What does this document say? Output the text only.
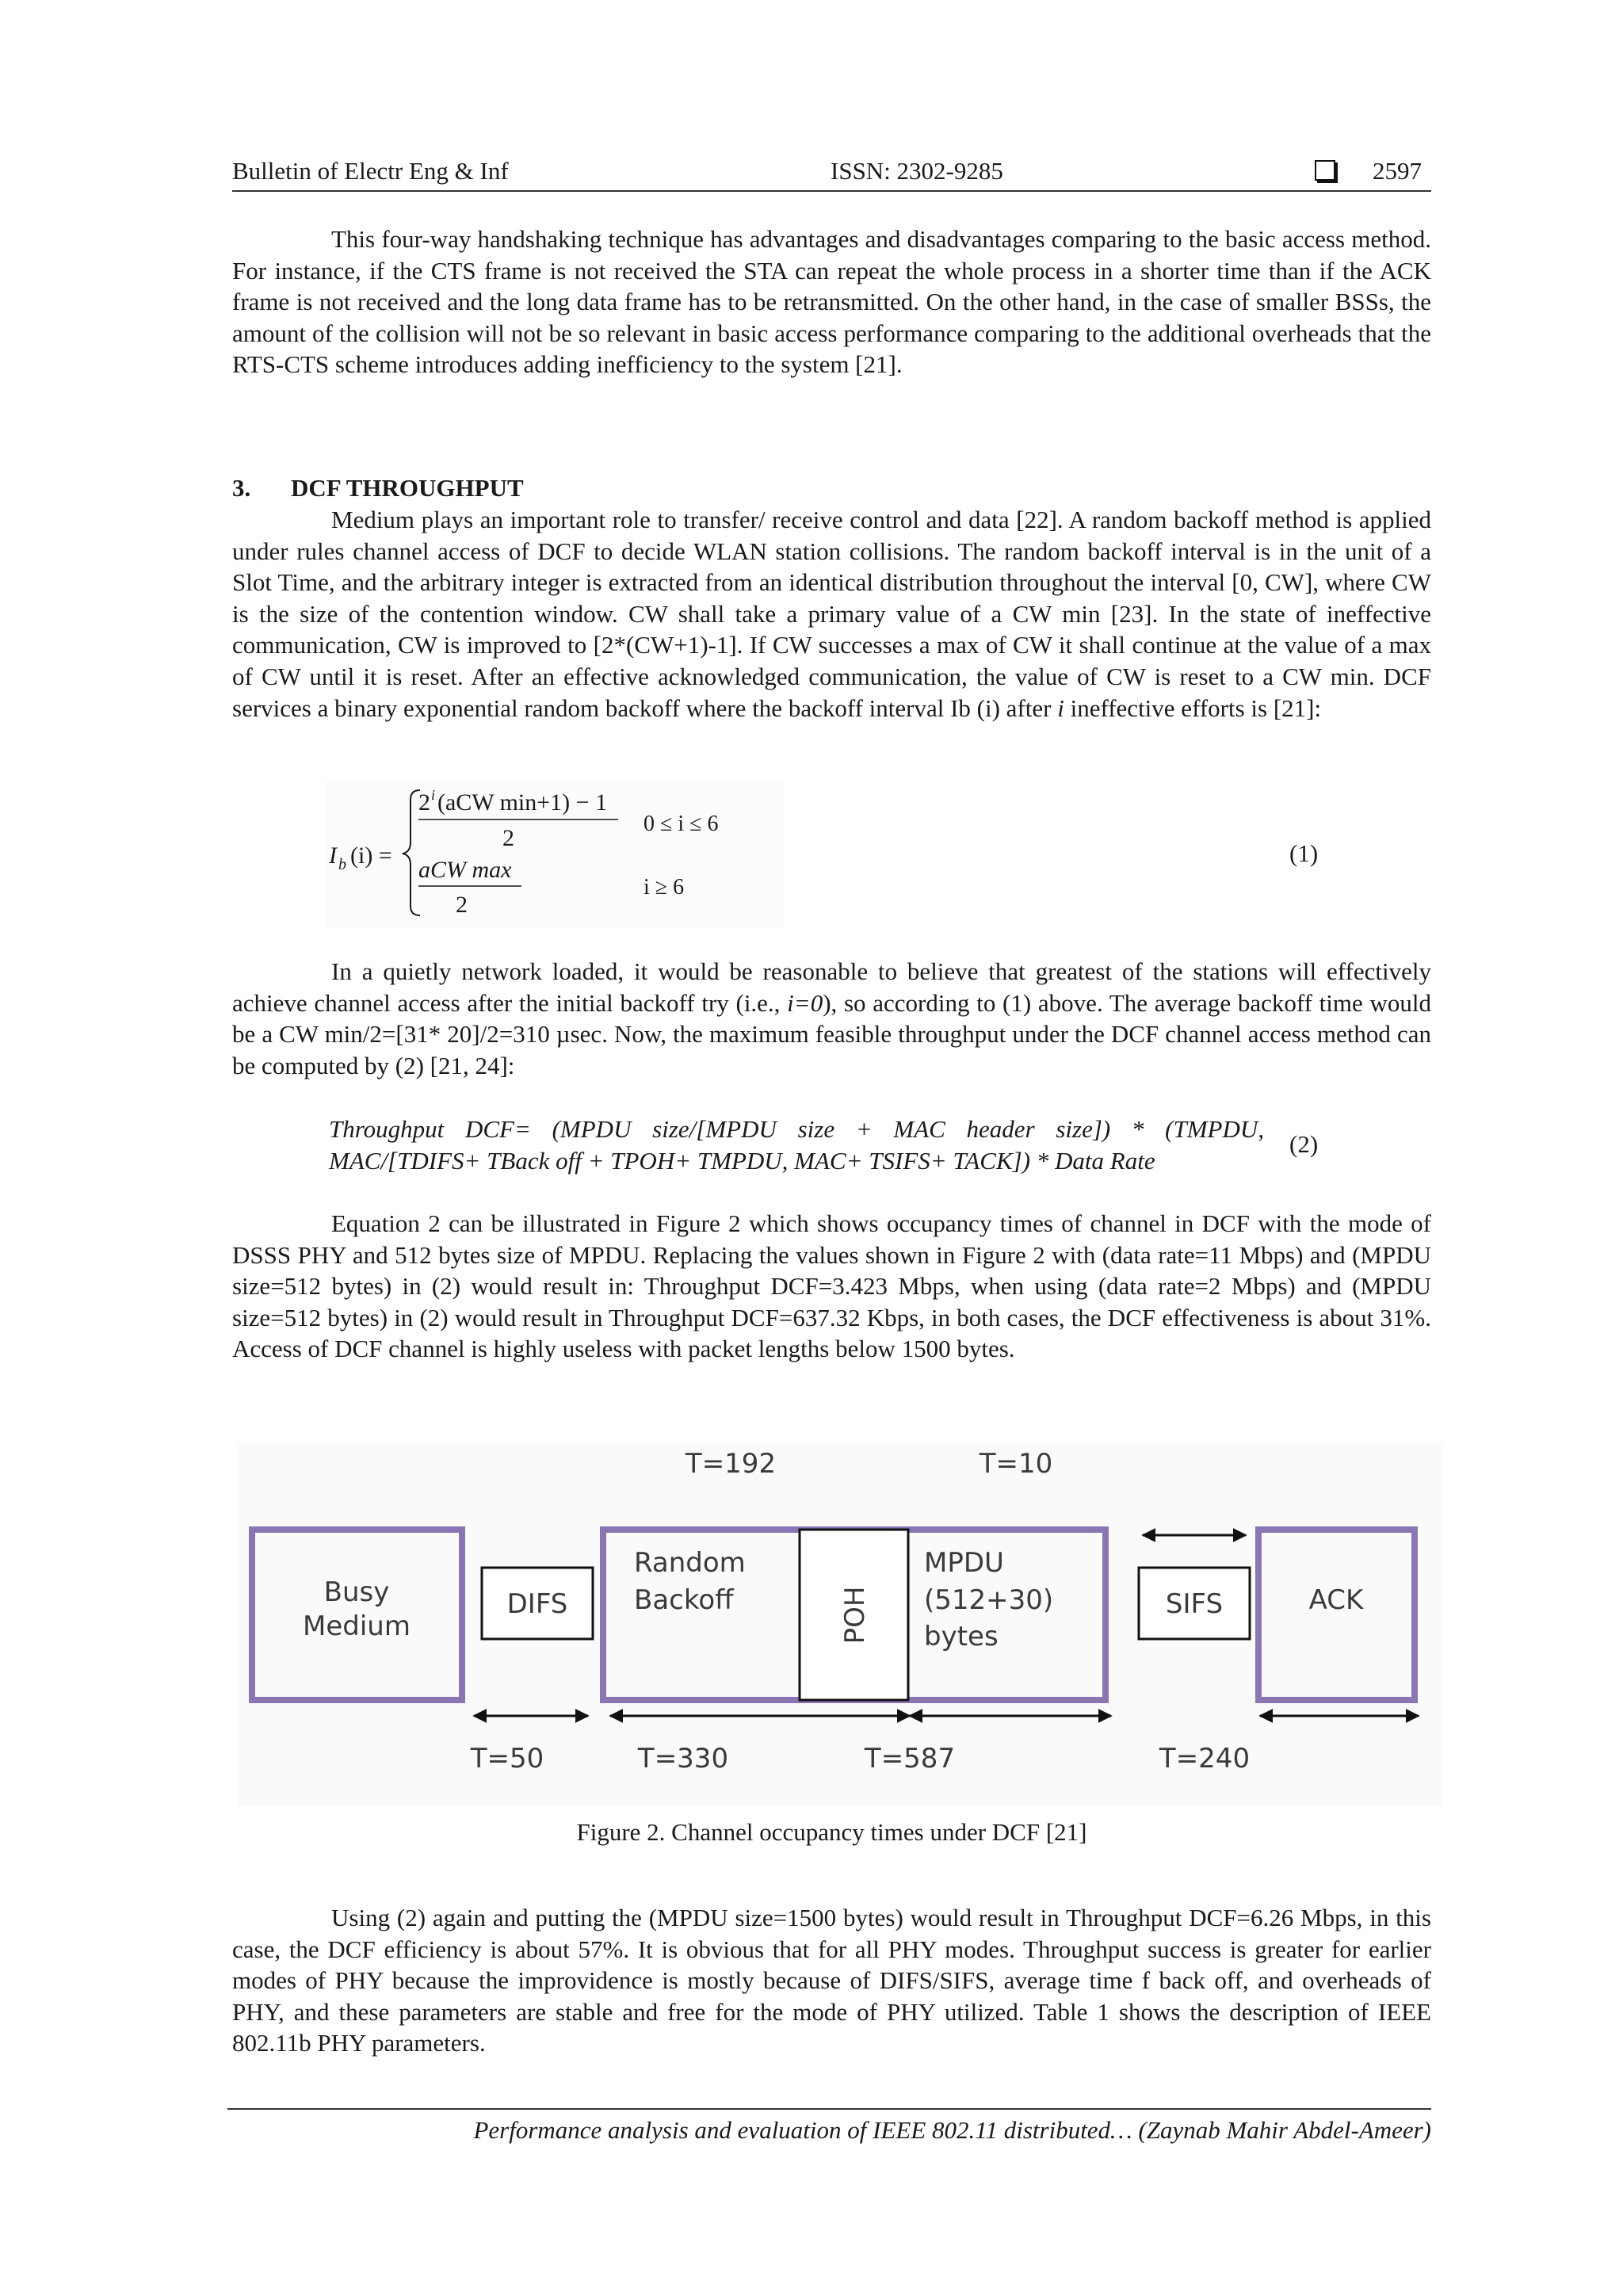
Bulletin of Electr Eng & Inf	ISSN: 2302-9285	2597

This four-way handshaking technique has advantages and disadvantages comparing to the basic access method. For instance, if the CTS frame is not received the STA can repeat the whole process in a shorter time than if the ACK frame is not received and the long data frame has to be retransmitted. On the other hand, in the case of smaller BSSs, the amount of the collision will not be so relevant in basic access performance comparing to the additional overheads that the RTS-CTS scheme introduces adding inefficiency to the system [21].

3. DCF THROUGHPUT

Medium plays an important role to transfer/ receive control and data [22]. A random backoff method is applied under rules channel access of DCF to decide WLAN station collisions. The random backoff interval is in the unit of a Slot Time, and the arbitrary integer is extracted from an identical distribution throughout the interval [0, CW], where CW is the size of the contention window. CW shall take a primary value of a CW min [23]. In the state of ineffective communication, CW is improved to [2*(CW+1)-1]. If CW successes a max of CW it shall continue at the value of a max of CW until it is reset. After an effective acknowledged communication, the value of CW is reset to a CW min. DCF services a binary exponential random backoff where the backoff interval Ib (i) after i ineffective efforts is [21]:

I b (i) =
2 i (aCW min+1) − 1
2
0 ≤ i ≤ 6
aCW max
2
i ≥ 6
(1)

In a quietly network loaded, it would be reasonable to believe that greatest of the stations will effectively achieve channel access after the initial backoff try (i.e., i=0), so according to (1) above. The average backoff time would be a CW min/2=[31* 20]/2=310 µsec. Now, the maximum feasible throughput under the DCF channel access method can be computed by (2) [21, 24]:

Throughput DCF= (MPDU size/[MPDU size + MAC header size]) * (TMPDU,
MAC/[TDIFS+ TBack off + TPOH+ TMPDU, MAC+ TSIFS+ TACK]) * Data Rate
(2)

Equation 2 can be illustrated in Figure 2 which shows occupancy times of channel in DCF with the mode of DSSS PHY and 512 bytes size of MPDU. Replacing the values shown in Figure 2 with (data rate=11 Mbps) and (MPDU size=512 bytes) in (2) would result in: Throughput DCF=3.423 Mbps, when using (data rate=2 Mbps) and (MPDU size=512 bytes) in (2) would result in Throughput DCF=637.32 Kbps, in both cases, the DCF effectiveness is about 31%. Access of DCF channel is highly useless with packet lengths below 1500 bytes.

T=192	T=10
Busy
Medium
DIFS
Random
Backoff	POH
MPDU
(512+30)
bytes
SIFS	ACK
T=50	T=330	T=587	T=240
Figure 2. Channel occupancy times under DCF [21]

Using (2) again and putting the (MPDU size=1500 bytes) would result in Throughput DCF=6.26 Mbps, in this case, the DCF efficiency is about 57%. It is obvious that for all PHY modes. Throughput success is greater for earlier modes of PHY because the improvidence is mostly because of DIFS/SIFS, average time f back off, and overheads of PHY, and these parameters are stable and free for the mode of PHY utilized. Table 1 shows the description of IEEE 802.11b PHY parameters.

Performance analysis and evaluation of IEEE 802.11 distributed… (Zaynab Mahir Abdel-Ameer)
